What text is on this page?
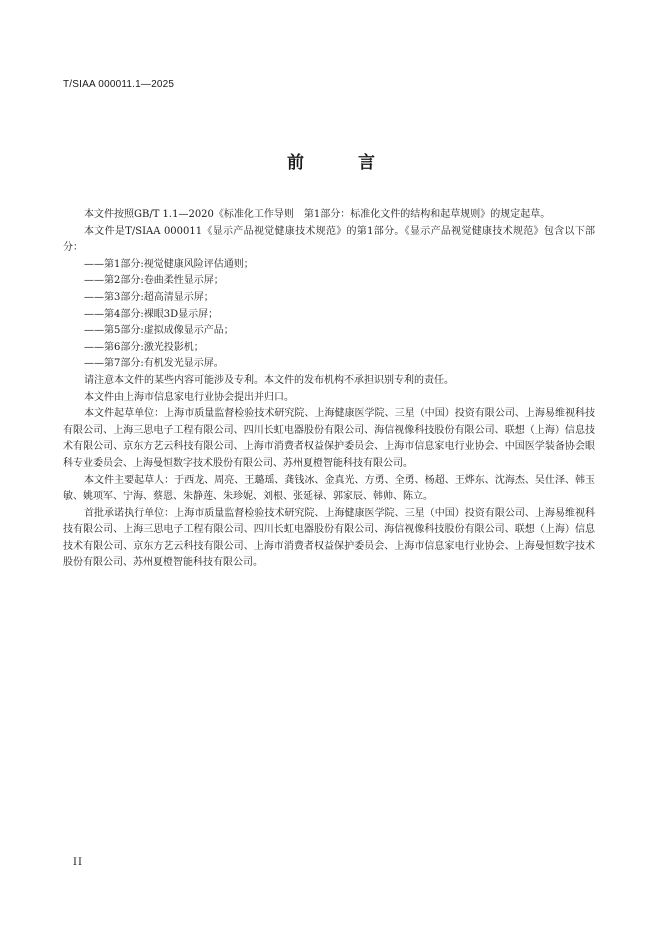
T/SIAA 000011.1—2025
前 言

本文件按照GB/T 1.1—2020《标准化工作导则　第1部分：标准化文件的结构和起草规则》的规定起草。

本文件是T/SIAA 000011《显示产品视觉健康技术规范》的第1部分。《显示产品视觉健康技术规范》包含以下部分：

——第1部分:视觉健康风险评估通则；

——第2部分:卷曲柔性显示屏；

——第3部分:超高清显示屏；

——第4部分:裸眼3D显示屏；

——第5部分:虚拟成像显示产品；

——第6部分:激光投影机；

——第7部分:有机发光显示屏。

请注意本文件的某些内容可能涉及专利。本文件的发布机构不承担识别专利的责任。

本文件由上海市信息家电行业协会提出并归口。

本文件起草单位：上海市质量监督检验技术研究院、上海健康医学院、三星（中国）投资有限公司、上海易维视科技有限公司、上海三思电子工程有限公司、四川长虹电器股份有限公司、海信视像科技股份有限公司、联想（上海）信息技术有限公司、京东方艺云科技有限公司、上海市消费者权益保护委员会、上海市信息家电行业协会、中国医学装备协会眼科专业委员会、上海曼恒数字技术股份有限公司、苏州夏橙智能科技有限公司。

本文件主要起草人：于西龙、周亮、王璐瑶、龚钱冰、金真光、方勇、全勇、杨超、王烨东、沈海杰、吴仕泽、韩玉敏、姚项军、宁海、蔡恩、朱静莲、朱珍妮、刘根、张延禄、郭家辰、韩帅、陈立。

首批承诺执行单位：上海市质量监督检验技术研究院、上海健康医学院、三星（中国）投资有限公司、上海易维视科技有限公司、上海三思电子工程有限公司、四川长虹电器股份有限公司、海信视像科技股份有限公司、联想（上海）信息技术有限公司、京东方艺云科技有限公司、上海市消费者权益保护委员会、上海市信息家电行业协会、上海曼恒数字技术股份有限公司、苏州夏橙智能科技有限公司。

II
